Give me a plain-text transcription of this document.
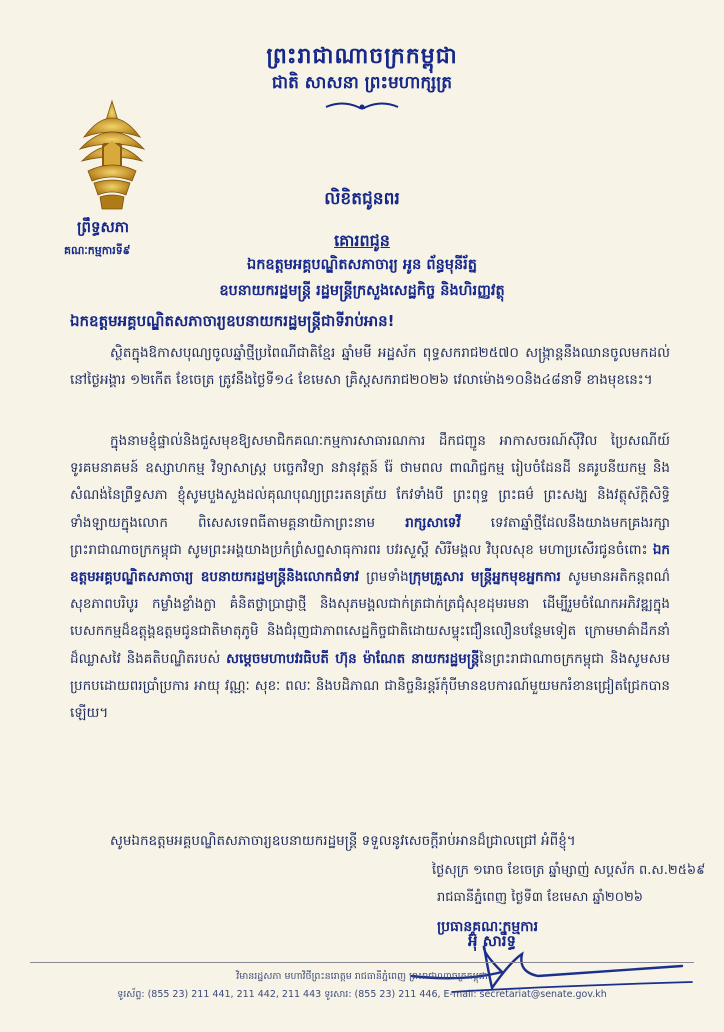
ព្រះរាជាណាចក្រកម្ពុជា
ជាតិ សាសនា ព្រះមហាក្សត្រ
ព្រឹទ្ធសភា
គណៈកម្មការទី៩
លិខិតជូនពរ
គោរពជូន
ឯកឧត្តមអគ្គបណ្ឌិតសភាចារ្យ អូន ព័ន្ធមុនីរ័ត្ន
ឧបនាយករដ្ឋមន្ត្រី រដ្ឋមន្ត្រីក្រសួងសេដ្ឋកិច្ច និងហិរញ្ញវត្ថុ
ឯកឧត្តមអគ្គបណ្ឌិតសភាចារ្យឧបនាយករដ្ឋមន្ត្រីជាទីរាប់អាន!
ស្ថិតក្នុងឱកាសបុណ្យចូលឆ្នាំថ្មីប្រពៃណីជាតិខ្មែរ ឆ្នាំមមី អដ្ឋស័ក ពុទ្ធសករាជ២៥៧០ សង្ក្រាន្តនឹងឈានចូលមកដល់នៅថ្ងៃអង្គារ ១២កើត ខែចេត្រ ត្រូវនឹងថ្ងៃទី១៤ ខែមេសា គ្រិស្តសករាជ២០២៦ វេលាម៉ោង១០និង៤៨នាទី ខាងមុខនេះ។
ក្នុងនាមខ្ញុំផ្ទាល់និងជួសមុខឱ្យសមាជិកគណៈកម្មការសាធារណការ ដឹកជញ្ជូន អាកាសចរណ៍ស៊ីវិល ប្រៃសណីយ៍ ទូរគមនាគមន៍ ឧស្សាហកម្ម វិទ្យាសាស្ត្រ បច្ចេកវិទ្យា នវានុវត្តន៍ រ៉ែ ថាមពល ពាណិជ្ជកម្ម រៀបចំដែនដី នគរូបនីយកម្ម និងសំណង់នៃព្រឹទ្ធសភា ខ្ញុំសូមបួងសួងដល់គុណបុណ្យព្រះរតនត្រ័យ កែវទាំងបី ព្រះពុទ្ធ ព្រះធម៌ ព្រះសង្ឃ និងវត្ថុស័ក្តិសិទ្ធិទាំងឡាយក្នុងលោក ពិសេសទេពធីតាមគ្គនាយិកាព្រះនាម រាក្សសាទេវី ទេវតាឆ្នាំថ្មីដែលនឹងយាងមកគ្រងរក្សាព្រះរាជាណាចក្រកម្ពុជា សូមព្រះអង្គយាងប្រកំព្រំសព្ទសាធុការពរ បវរសួស្តី សិរីមង្គល វិបុលសុខ មហាប្រសើរជូនចំពោះ ឯកឧត្តមអគ្គបណ្ឌិតសភាចារ្យ ឧបនាយករដ្ឋមន្ត្រីនិងលោកជំទាវ ព្រមទាំងក្រុមគ្រួសារ មន្ត្រីអ្នកមុខអ្នកការ សូមមានអតិកន្តពណ៌ សុខភាពបរិបូរ កម្លាំងខ្លាំងក្លា គំនិតថ្លាប្រាជ្ញាថ្មី និងសុភមង្គលជាក់ត្រជាក់ត្រជុំសុខដុមរមនា ដើម្បីរួមចំណែកអភិវឌ្ឍក្នុងបេសកកម្មដ៏ឧត្តុង្គឧត្តមជូនជាតិមាតុភូមិ និងជំរុញជាភាពសេដ្ឋកិច្ចជាតិដោយសម្ទុះជឿនលឿនបន្ថែមទៀត ក្រោមមាគ៌ាដឹកនាំដ៏ឈ្លាសវៃ និងគតិបណ្ឌិតរបស់ សម្តេចមហាបវរធិបតី ហ៊ុន ម៉ាណែត នាយករដ្ឋមន្ត្រីនៃព្រះរាជាណាចក្រកម្ពុជា និងសូមសមប្រកបដោយពរប្រាំប្រការ អាយុ វណ្ណៈ សុខៈ ពលៈ និងបដិភាណ ជានិច្ចនិរន្តរ៍កុំបីមានឧបការណ៍មួយមករំខានជ្រៀតជ្រែកបានឡើយ។
សូមឯកឧត្តមអគ្គបណ្ឌិតសភាចារ្យឧបនាយករដ្ឋមន្ត្រី ទទួលនូវសេចក្តីរាប់អានដ៏ជ្រាលជ្រៅ អំពីខ្ញុំ។
ថ្ងៃសុក្រ ១រោច ខែចេត្រ ឆ្នាំម្សាញ់ សប្តស័ក ព.ស.២៥៦៩
រាជធានីភ្នំពេញ ថ្ងៃទី៣ ខែមេសា ឆ្នាំ២០២៦
ប្រធានគណៈកម្មការ
អ៊ុំ សារឹទ្ធ
វិមានរដ្ឋសភា មហាវិថីព្រះនរោត្តម រាជធានីភ្នំពេញ ព្រះរាជាណាចក្រកម្ពុជា
ទូរស័ព្ទ: (855 23) 211 441, 211 442, 211 443 ទូរសារ: (855 23) 211 446, E-mail: secretariat@senate.gov.kh
